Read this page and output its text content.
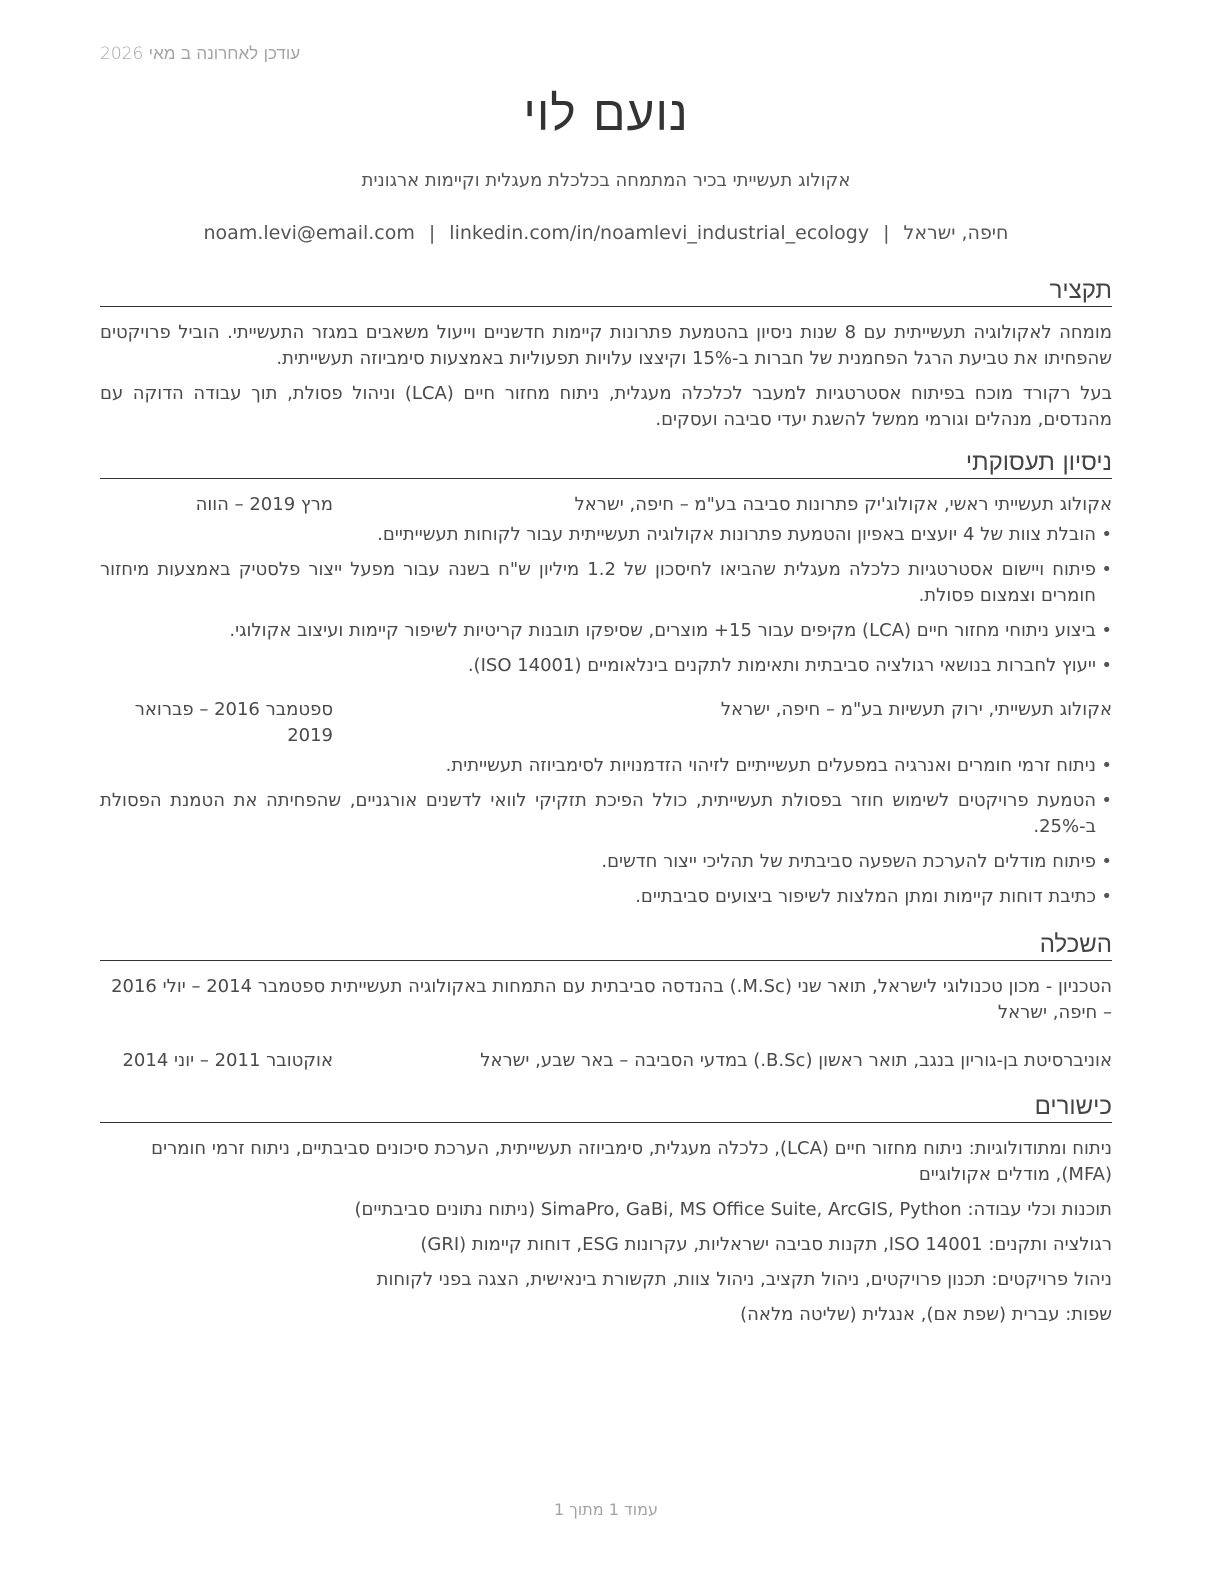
עודכן לאחרונה ב מאי 2026
נועם לוי
אקולוג תעשייתי בכיר המתמחה בכלכלת מעגלית וקיימות ארגונית
חיפה, ישראל|noam.levi@email.com | linkedin.com/in/noamlevi_industrial_ecology
תקציר

מומחה לאקולוגיה תעשייתית עם 8 שנות ניסיון בהטמעת פתרונות קיימות חדשניים וייעול משאבים במגזר התעשייתי. הוביל פרויקטים שהפחיתו את טביעת הרגל הפחמנית של חברות ב-15% וקיצצו עלויות תפעוליות באמצעות סימביוזה תעשייתית.

בעל רקורד מוכח בפיתוח אסטרטגיות למעבר לכלכלה מעגלית, ניתוח מחזור חיים (LCA) וניהול פסולת, תוך עבודה הדוקה עם מהנדסים, מנהלים וגורמי ממשל להשגת יעדי סביבה ועסקים.

ניסיון תעסוקתי
אקולוג תעשייתי ראשי, אקולוג'יק פתרונות סביבה בע"מ – חיפה, ישראל
מרץ 2019 – הווה
• הובלת צוות של 4 יועצים באפיון והטמעת פתרונות אקולוגיה תעשייתית עבור לקוחות תעשייתיים.
• פיתוח ויישום אסטרטגיות כלכלה מעגלית שהביאו לחיסכון של 1.2 מיליון ש"ח בשנה עבור מפעל ייצור פלסטיק באמצעות מיחזור חומרים וצמצום פסולת.
• ביצוע ניתוחי מחזור חיים (LCA) מקיפים עבור 15+ מוצרים, שסיפקו תובנות קריטיות לשיפור קיימות ועיצוב אקולוגי.
• ייעוץ לחברות בנושאי רגולציה סביבתית ותאימות לתקנים בינלאומיים (ISO 14001).
אקולוג תעשייתי, ירוק תעשיות בע"מ – חיפה, ישראל
ספטמבר 2016 – פברואר 2019
• ניתוח זרמי חומרים ואנרגיה במפעלים תעשייתיים לזיהוי הזדמנויות לסימביוזה תעשייתית.
• הטמעת פרויקטים לשימוש חוזר בפסולת תעשייתית, כולל הפיכת תזקיקי לוואי לדשנים אורגניים, שהפחיתה את הטמנת הפסולת ב-25%.
• פיתוח מודלים להערכת השפעה סביבתית של תהליכי ייצור חדשים.
• כתיבת דוחות קיימות ומתן המלצות לשיפור ביצועים סביבתיים.
השכלה
הטכניון - מכון טכנולוגי לישראל, תואר שני (M.Sc.) בהנדסה סביבתית עם התמחות באקולוגיה תעשייתית ספטמבר 2014 – יולי 2016 – חיפה, ישראל
אוניברסיטת בן-גוריון בנגב, תואר ראשון (B.Sc.) במדעי הסביבה – באר שבע, ישראל
אוקטובר 2011 – יוני 2014
כישורים

ניתוח ומתודולוגיות: ניתוח מחזור חיים (LCA), כלכלה מעגלית, סימביוזה תעשייתית, הערכת סיכונים סביבתיים, ניתוח זרמי חומרים (MFA), מודלים אקולוגיים

תוכנות וכלי עבודה: SimaPro, GaBi, MS Office Suite, ArcGIS, Python (ניתוח נתונים סביבתיים)

רגולציה ותקנים: ISO 14001, תקנות סביבה ישראליות, עקרונות ESG, דוחות קיימות (GRI)

ניהול פרויקטים: תכנון פרויקטים, ניהול תקציב, ניהול צוות, תקשורת בינאישית, הצגה בפני לקוחות

שפות: עברית (שפת אם), אנגלית (שליטה מלאה)

עמוד 1 מתוך 1
